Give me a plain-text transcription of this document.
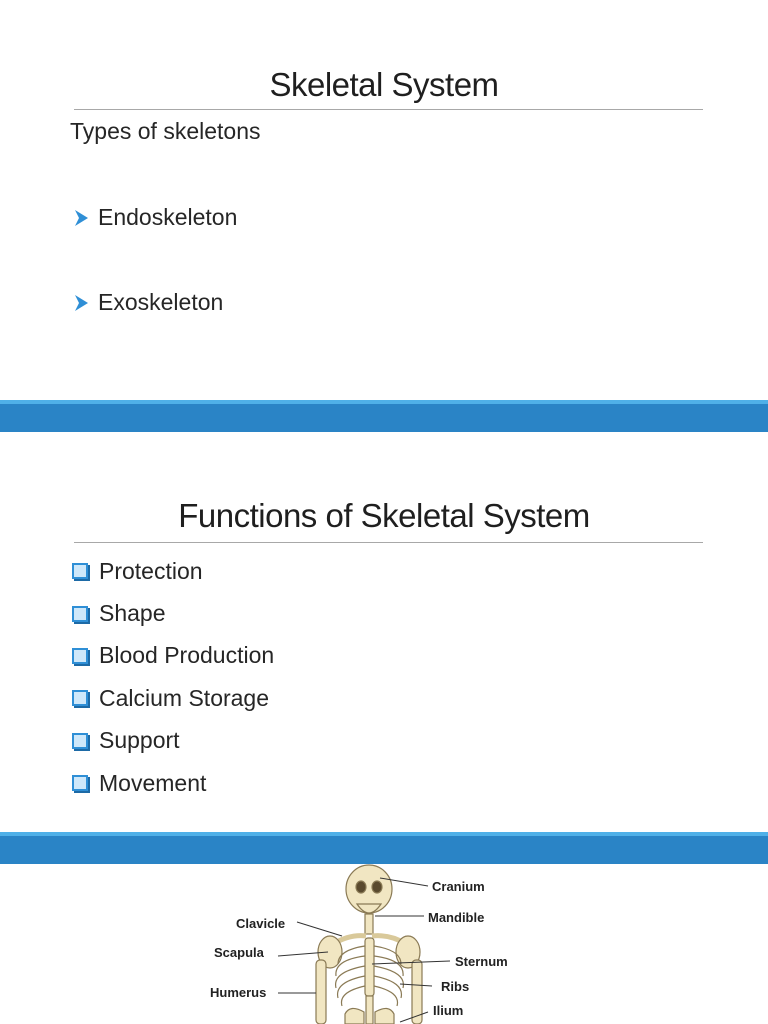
Skeletal System
Types of skeletons
Endoskeleton
Exoskeleton
Functions of Skeletal System
Protection
Shape
Blood Production
Calcium Storage
Support
Movement
Cranium
Mandible
Clavicle
Scapula
Sternum
Humerus	Ribs
Ilium
